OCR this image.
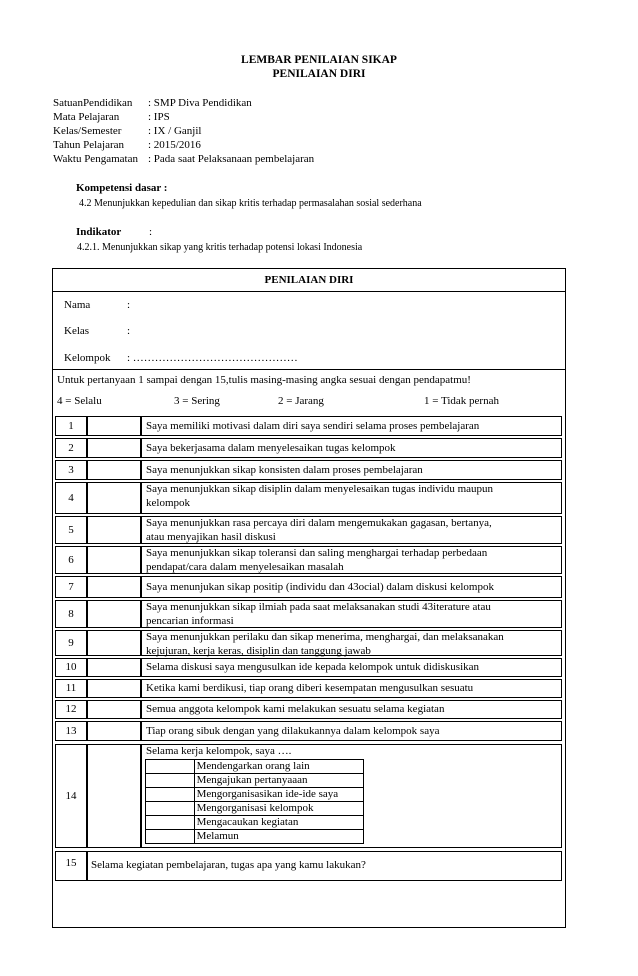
LEMBAR PENILAIAN SIKAP
PENILAIAN DIRI
SatuanPendidikan : SMP Diva Pendidikan
Mata Pelajaran	: IPS
Kelas/Semester : IX / Ganjil
Tahun Pelajaran : 2015/2016
Waktu Pengamatan : Pada saat Pelaksanaan pembelajaran
Kompetensi dasar :
4.2 Menunjukkan kepedulian dan sikap kritis terhadap permasalahan sosial sederhana
Indikator	:
4.2.1. Menunjukkan sikap yang kritis terhadap potensi lokasi Indonesia
PENILAIAN DIRI
Nama	:
Kelas	:
Kelompok : ………………………………………
Untuk pertanyaan 1 sampai dengan 15,tulis masing-masing angka sesuai dengan pendapatmu!
4 = Selalu	3 = Sering	2 = Jarang	1 = Tidak pernah
1	Saya memiliki motivasi dalam diri saya sendiri selama proses pembelajaran
2	Saya bekerjasama dalam menyelesaikan tugas kelompok
3	Saya menunjukkan sikap konsisten dalam proses pembelajaran
4
Saya menunjukkan sikap disiplin dalam menyelesaikan tugas individu maupun
kelompok
5
Saya menunjukkan rasa percaya diri dalam mengemukakan gagasan, bertanya,
atau menyajikan hasil diskusi
6
Saya menunjukkan sikap toleransi dan saling menghargai terhadap perbedaan
pendapat/cara dalam menyelesaikan masalah
7	Saya menunjukan sikap positip (individu dan 43ocial) dalam diskusi kelompok
8
Saya menunjukkan sikap ilmiah pada saat melaksanakan studi 43iterature atau
pencarian informasi
9	Saya menunjukkan perilaku dan sikap menerima, menghargai, dan melaksanakan
kejujuran, kerja keras, disiplin dan tanggung jawab
10	Selama diskusi saya mengusulkan ide kepada kelompok untuk didiskusikan
11	Ketika kami berdikusi, tiap orang diberi kesempatan mengusulkan sesuatu
12	Semua anggota kelompok kami melakukan sesuatu selama kegiatan
13	Tiap orang sibuk dengan yang dilakukannya dalam kelompok saya
14
Selama kerja kelompok, saya ….
	Mendengarkan orang lain
	Mengajukan pertanyaaan
	Mengorganisasikan ide-ide saya
	Mengorganisasi kelompok
	Mengacaukan kegiatan
	Melamun
15	Selama kegiatan pembelajaran, tugas apa yang kamu lakukan?
